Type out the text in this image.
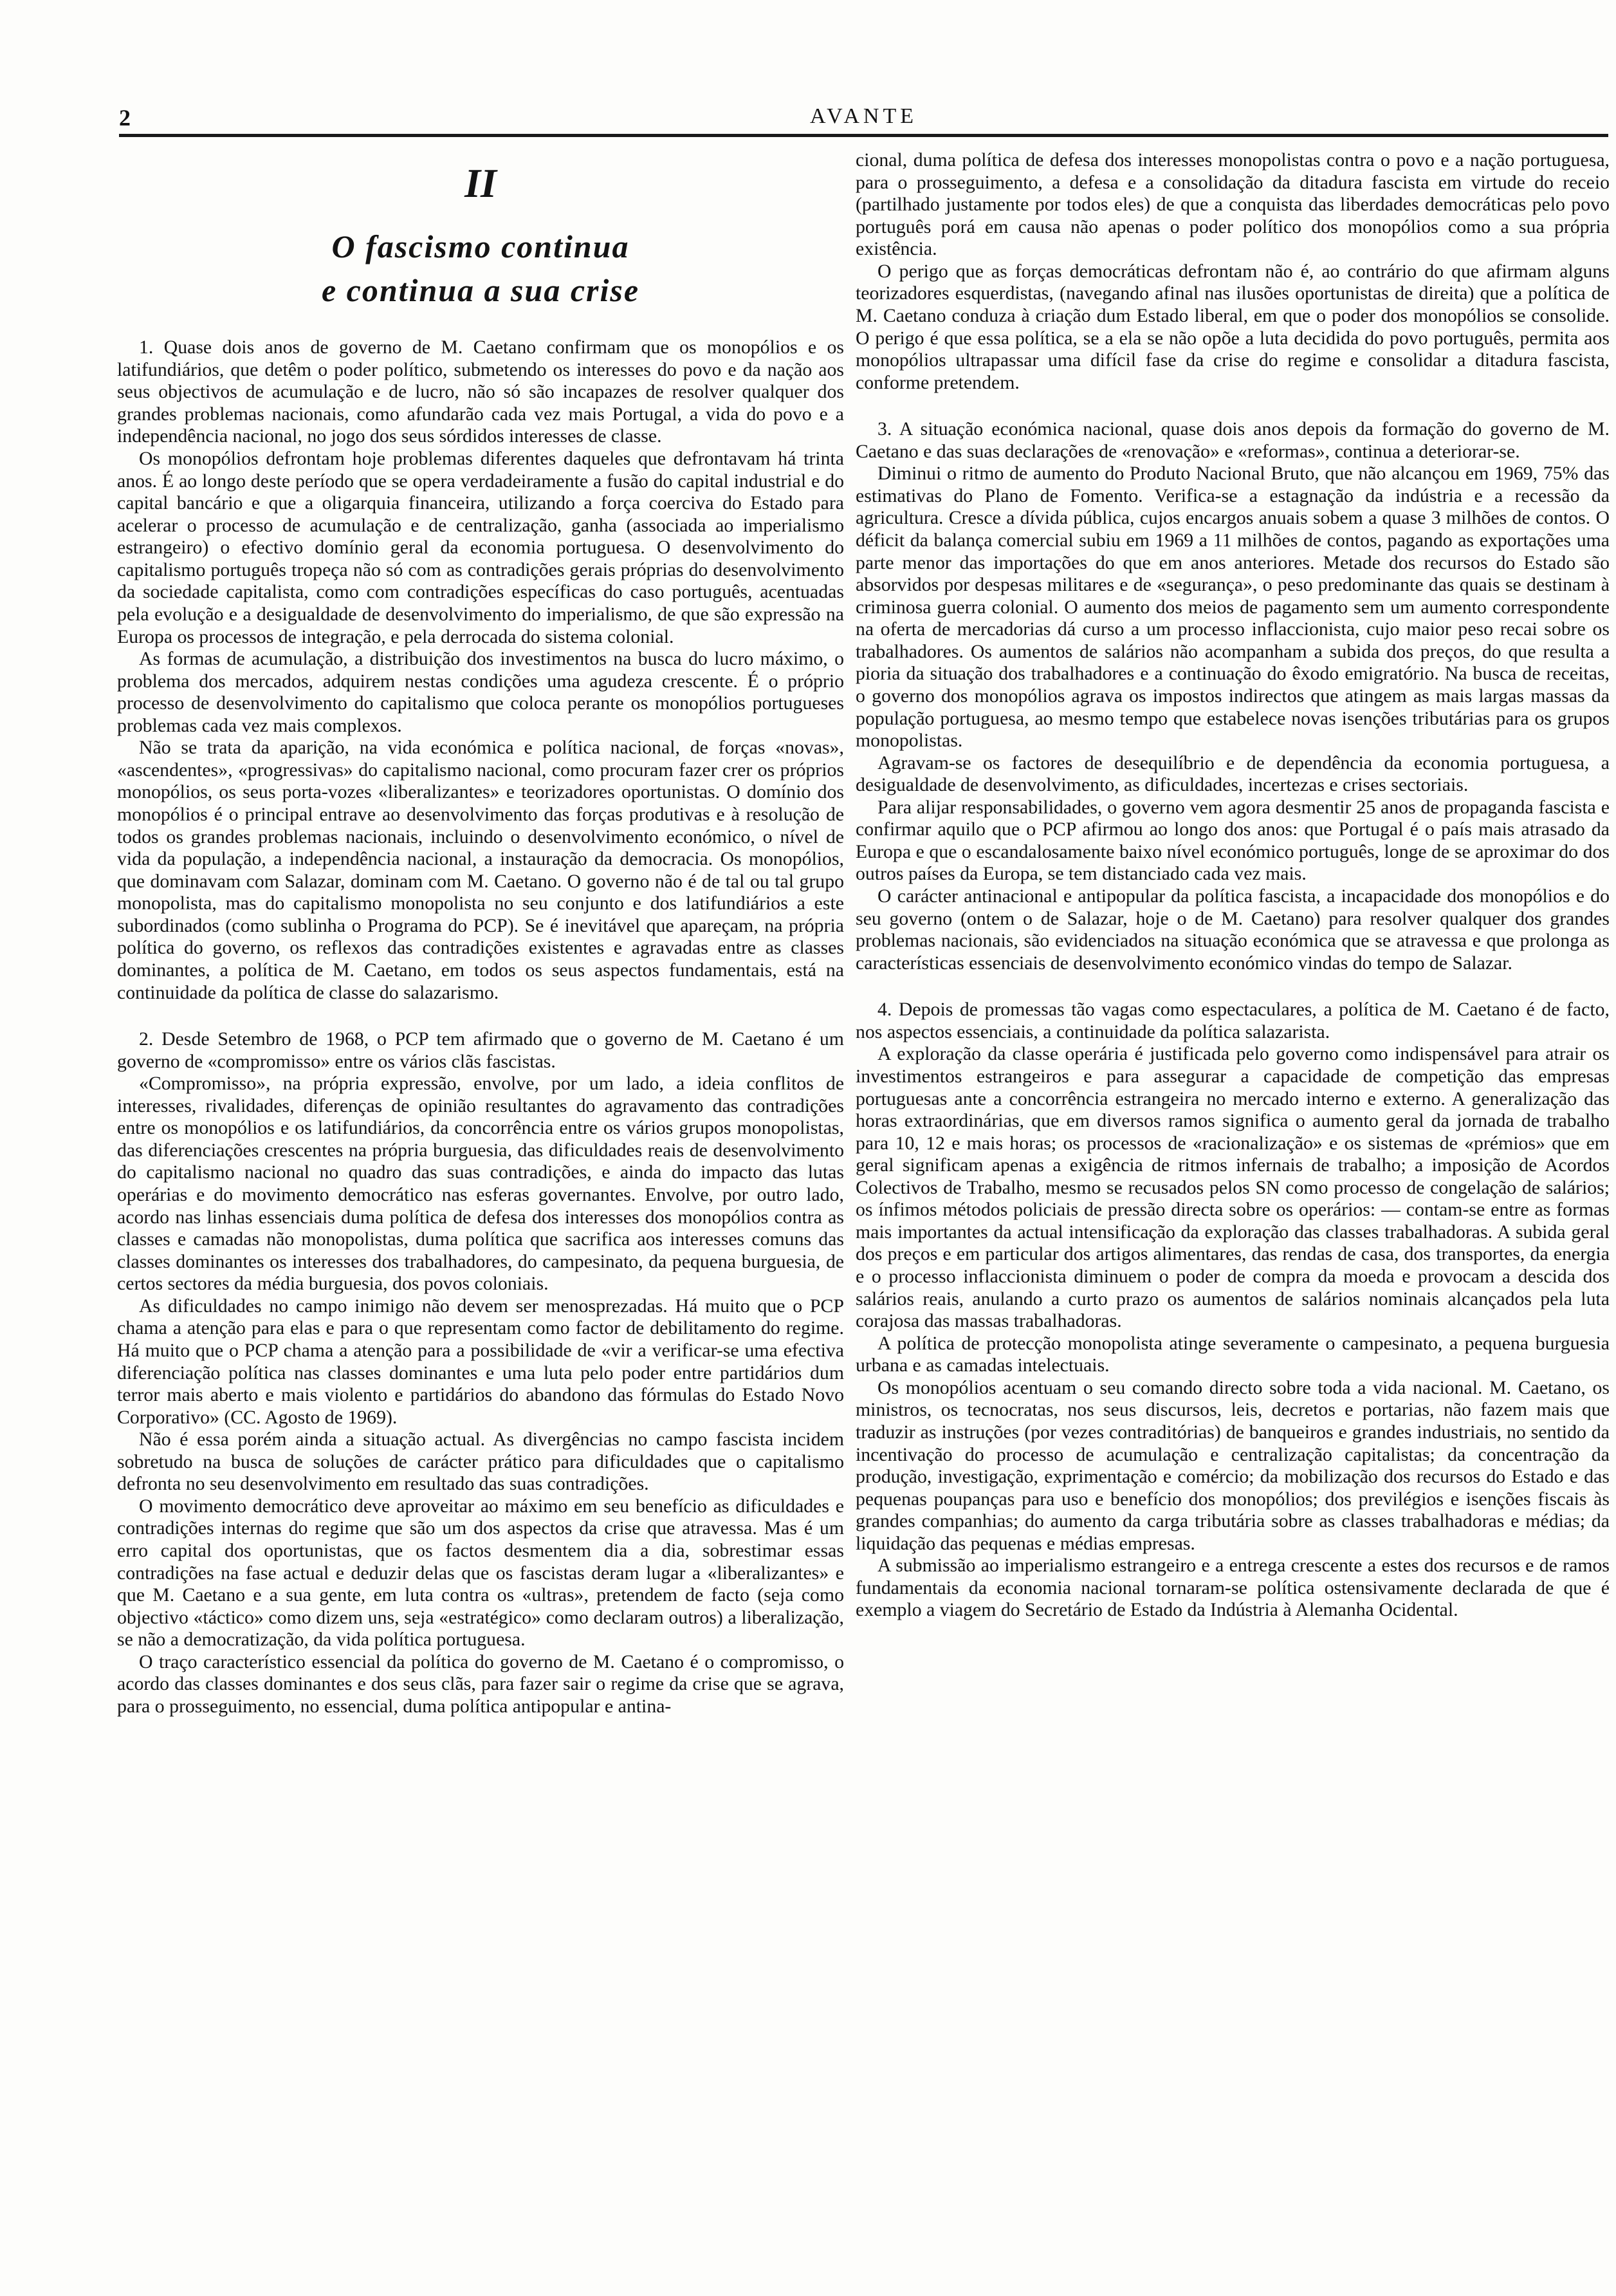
2	AVANTE
II
O fascismo continua
e continua a sua crise

1. Quase dois anos de governo de M. Caetano confirmam que os monopólios e os latifundiários, que detêm o poder político, submetendo os interesses do povo e da nação aos seus objectivos de acumulação e de lucro, não só são incapazes de resolver qualquer dos grandes problemas nacionais, como afundarão cada vez mais Portugal, a vida do povo e a independência nacional, no jogo dos seus sórdidos interesses de classe.

Os monopólios defrontam hoje problemas diferentes daqueles que defrontavam há trinta anos. É ao longo deste período que se opera verdadeiramente a fusão do capital industrial e do capital bancário e que a oligarquia financeira, utilizando a força coerciva do Estado para acelerar o processo de acumulação e de centralização, ganha (associada ao imperialismo estrangeiro) o efectivo domínio geral da economia portuguesa. O desenvolvimento do capitalismo português tropeça não só com as contradições gerais próprias do desenvolvimento da sociedade capitalista, como com contradições específicas do caso português, acentuadas pela evolução e a desigualdade de desenvolvimento do imperialismo, de que são expressão na Europa os processos de integração, e pela derrocada do sistema colonial.

As formas de acumulação, a distribuição dos investimentos na busca do lucro máximo, o problema dos mercados, adquirem nestas condições uma agudeza crescente. É o próprio processo de desenvolvimento do capitalismo que coloca perante os monopólios portugueses problemas cada vez mais complexos.

Não se trata da aparição, na vida económica e política nacional, de forças «novas», «ascendentes», «progressivas» do capitalismo nacional, como procuram fazer crer os próprios monopólios, os seus porta-vozes «liberalizantes» e teorizadores oportunistas. O domínio dos monopólios é o principal entrave ao desenvolvimento das forças produtivas e à resolução de todos os grandes problemas nacionais, incluindo o desenvolvimento económico, o nível de vida da população, a independência nacional, a instauração da democracia. Os monopólios, que dominavam com Salazar, dominam com M. Caetano. O governo não é de tal ou tal grupo monopolista, mas do capitalismo monopolista no seu conjunto e dos latifundiários a este subordinados (como sublinha o Programa do PCP). Se é inevitável que apareçam, na própria política do governo, os reflexos das contradições existentes e agravadas entre as classes dominantes, a política de M. Caetano, em todos os seus aspectos fundamentais, está na continuidade da política de classe do salazarismo.

2. Desde Setembro de 1968, o PCP tem afirmado que o governo de M. Caetano é um governo de «compromisso» entre os vários clãs fascistas.

«Compromisso», na própria expressão, envolve, por um lado, a ideia conflitos de interesses, rivalidades, diferenças de opinião resultantes do agravamento das contradições entre os monopólios e os latifundiários, da concorrência entre os vários grupos monopolistas, das diferenciações crescentes na própria burguesia, das dificuldades reais de desenvolvimento do capitalismo nacional no quadro das suas contradições, e ainda do impacto das lutas operárias e do movimento democrático nas esferas governantes. Envolve, por outro lado, acordo nas linhas essenciais duma política de defesa dos interesses dos monopólios contra as classes e camadas não monopolistas, duma política que sacrifica aos interesses comuns das classes dominantes os interesses dos trabalhadores, do campesinato, da pequena burguesia, de certos sectores da média burguesia, dos povos coloniais.

As dificuldades no campo inimigo não devem ser menosprezadas. Há muito que o PCP chama a atenção para elas e para o que representam como factor de debilitamento do regime. Há muito que o PCP chama a atenção para a possibilidade de «vir a verificar-se uma efectiva diferenciação política nas classes dominantes e uma luta pelo poder entre partidários dum terror mais aberto e mais violento e partidários do abandono das fórmulas do Estado Novo Corporativo» (CC. Agosto de 1969).

Não é essa porém ainda a situação actual. As divergências no campo fascista incidem sobretudo na busca de soluções de carácter prático para dificuldades que o capitalismo defronta no seu desenvolvimento em resultado das suas contradições.

O movimento democrático deve aproveitar ao máximo em seu benefício as dificuldades e contradições internas do regime que são um dos aspectos da crise que atravessa. Mas é um erro capital dos oportunistas, que os factos desmentem dia a dia, sobrestimar essas contradições na fase actual e deduzir delas que os fascistas deram lugar a «liberalizantes» e que M. Caetano e a sua gente, em luta contra os «ultras», pretendem de facto (seja como objectivo «táctico» como dizem uns, seja «estratégico» como declaram outros) a liberalização, se não a democratização, da vida política portuguesa.

O traço característico essencial da política do governo de M. Caetano é o compromisso, o acordo das classes dominantes e dos seus clãs, para fazer sair o regime da crise que se agrava, para o prosseguimento, no essencial, duma política antipopular e antina-

cional, duma política de defesa dos interesses monopolistas contra o povo e a nação portuguesa, para o prosseguimento, a defesa e a consolidação da ditadura fascista em virtude do receio (partilhado justamente por todos eles) de que a conquista das liberdades democráticas pelo povo português porá em causa não apenas o poder político dos monopólios como a sua própria existência.

O perigo que as forças democráticas defrontam não é, ao contrário do que afirmam alguns teorizadores esquerdistas, (navegando afinal nas ilusões oportunistas de direita) que a política de M. Caetano conduza à criação dum Estado liberal, em que o poder dos monopólios se consolide. O perigo é que essa política, se a ela se não opõe a luta decidida do povo português, permita aos monopólios ultrapassar uma difícil fase da crise do regime e consolidar a ditadura fascista, conforme pretendem.

3. A situação económica nacional, quase dois anos depois da formação do governo de M. Caetano e das suas declarações de «renovação» e «reformas», continua a deteriorar-se.

Diminui o ritmo de aumento do Produto Nacional Bruto, que não alcançou em 1969, 75% das estimativas do Plano de Fomento. Verifica-se a estagnação da indústria e a recessão da agricultura. Cresce a dívida pública, cujos encargos anuais sobem a quase 3 milhões de contos. O déficit da balança comercial subiu em 1969 a 11 milhões de contos, pagando as exportações uma parte menor das importações do que em anos anteriores. Metade dos recursos do Estado são absorvidos por despesas militares e de «segurança», o peso predominante das quais se destinam à criminosa guerra colonial. O aumento dos meios de pagamento sem um aumento correspondente na oferta de mercadorias dá curso a um processo inflaccionista, cujo maior peso recai sobre os trabalhadores. Os aumentos de salários não acompanham a subida dos preços, do que resulta a pioria da situação dos trabalhadores e a continuação do êxodo emigratório. Na busca de receitas, o governo dos monopólios agrava os impostos indirectos que atingem as mais largas massas da população portuguesa, ao mesmo tempo que estabelece novas isenções tributárias para os grupos monopolistas.

Agravam-se os factores de desequilíbrio e de dependência da economia portuguesa, a desigualdade de desenvolvimento, as dificuldades, incertezas e crises sectoriais.

Para alijar responsabilidades, o governo vem agora desmentir 25 anos de propaganda fascista e confirmar aquilo que o PCP afirmou ao longo dos anos: que Portugal é o país mais atrasado da Europa e que o escandalosamente baixo nível económico português, longe de se aproximar do dos outros países da Europa, se tem distanciado cada vez mais.

O carácter antinacional e antipopular da política fascista, a incapacidade dos monopólios e do seu governo (ontem o de Salazar, hoje o de M. Caetano) para resolver qualquer dos grandes problemas nacionais, são evidenciados na situação económica que se atravessa e que prolonga as características essenciais de desenvolvimento económico vindas do tempo de Salazar.

4. Depois de promessas tão vagas como espectaculares, a política de M. Caetano é de facto, nos aspectos essenciais, a continuidade da política salazarista.

A exploração da classe operária é justificada pelo governo como indispensável para atrair os investimentos estrangeiros e para assegurar a capacidade de competição das empresas portuguesas ante a concorrência estrangeira no mercado interno e externo. A generalização das horas extraordinárias, que em diversos ramos significa o aumento geral da jornada de trabalho para 10, 12 e mais horas; os processos de «racionalização» e os sistemas de «prémios» que em geral significam apenas a exigência de ritmos infernais de trabalho; a imposição de Acordos Colectivos de Trabalho, mesmo se recusados pelos SN como processo de congelação de salários; os ínfimos métodos policiais de pressão directa sobre os operários: — contam-se entre as formas mais importantes da actual intensificação da exploração das classes trabalhadoras. A subida geral dos preços e em particular dos artigos alimentares, das rendas de casa, dos transportes, da energia e o processo inflaccionista diminuem o poder de compra da moeda e provocam a descida dos salários reais, anulando a curto prazo os aumentos de salários nominais alcançados pela luta corajosa das massas trabalhadoras.

A política de protecção monopolista atinge severamente o campesinato, a pequena burguesia urbana e as camadas intelectuais.

Os monopólios acentuam o seu comando directo sobre toda a vida nacional. M. Caetano, os ministros, os tecnocratas, nos seus discursos, leis, decretos e portarias, não fazem mais que traduzir as instruções (por vezes contraditórias) de banqueiros e grandes industriais, no sentido da incentivação do processo de acumulação e centralização capitalistas; da concentração da produção, investigação, exprimentação e comércio; da mobilização dos recursos do Estado e das pequenas poupanças para uso e benefício dos monopólios; dos previlégios e isenções fiscais às grandes companhias; do aumento da carga tributária sobre as classes trabalhadoras e médias; da liquidação das pequenas e médias empresas.

A submissão ao imperialismo estrangeiro e a entrega crescente a estes dos recursos e de ramos fundamentais da economia nacional tornaram-se política ostensivamente declarada de que é exemplo a viagem do Secretário de Estado da Indústria à Alemanha Ocidental.
